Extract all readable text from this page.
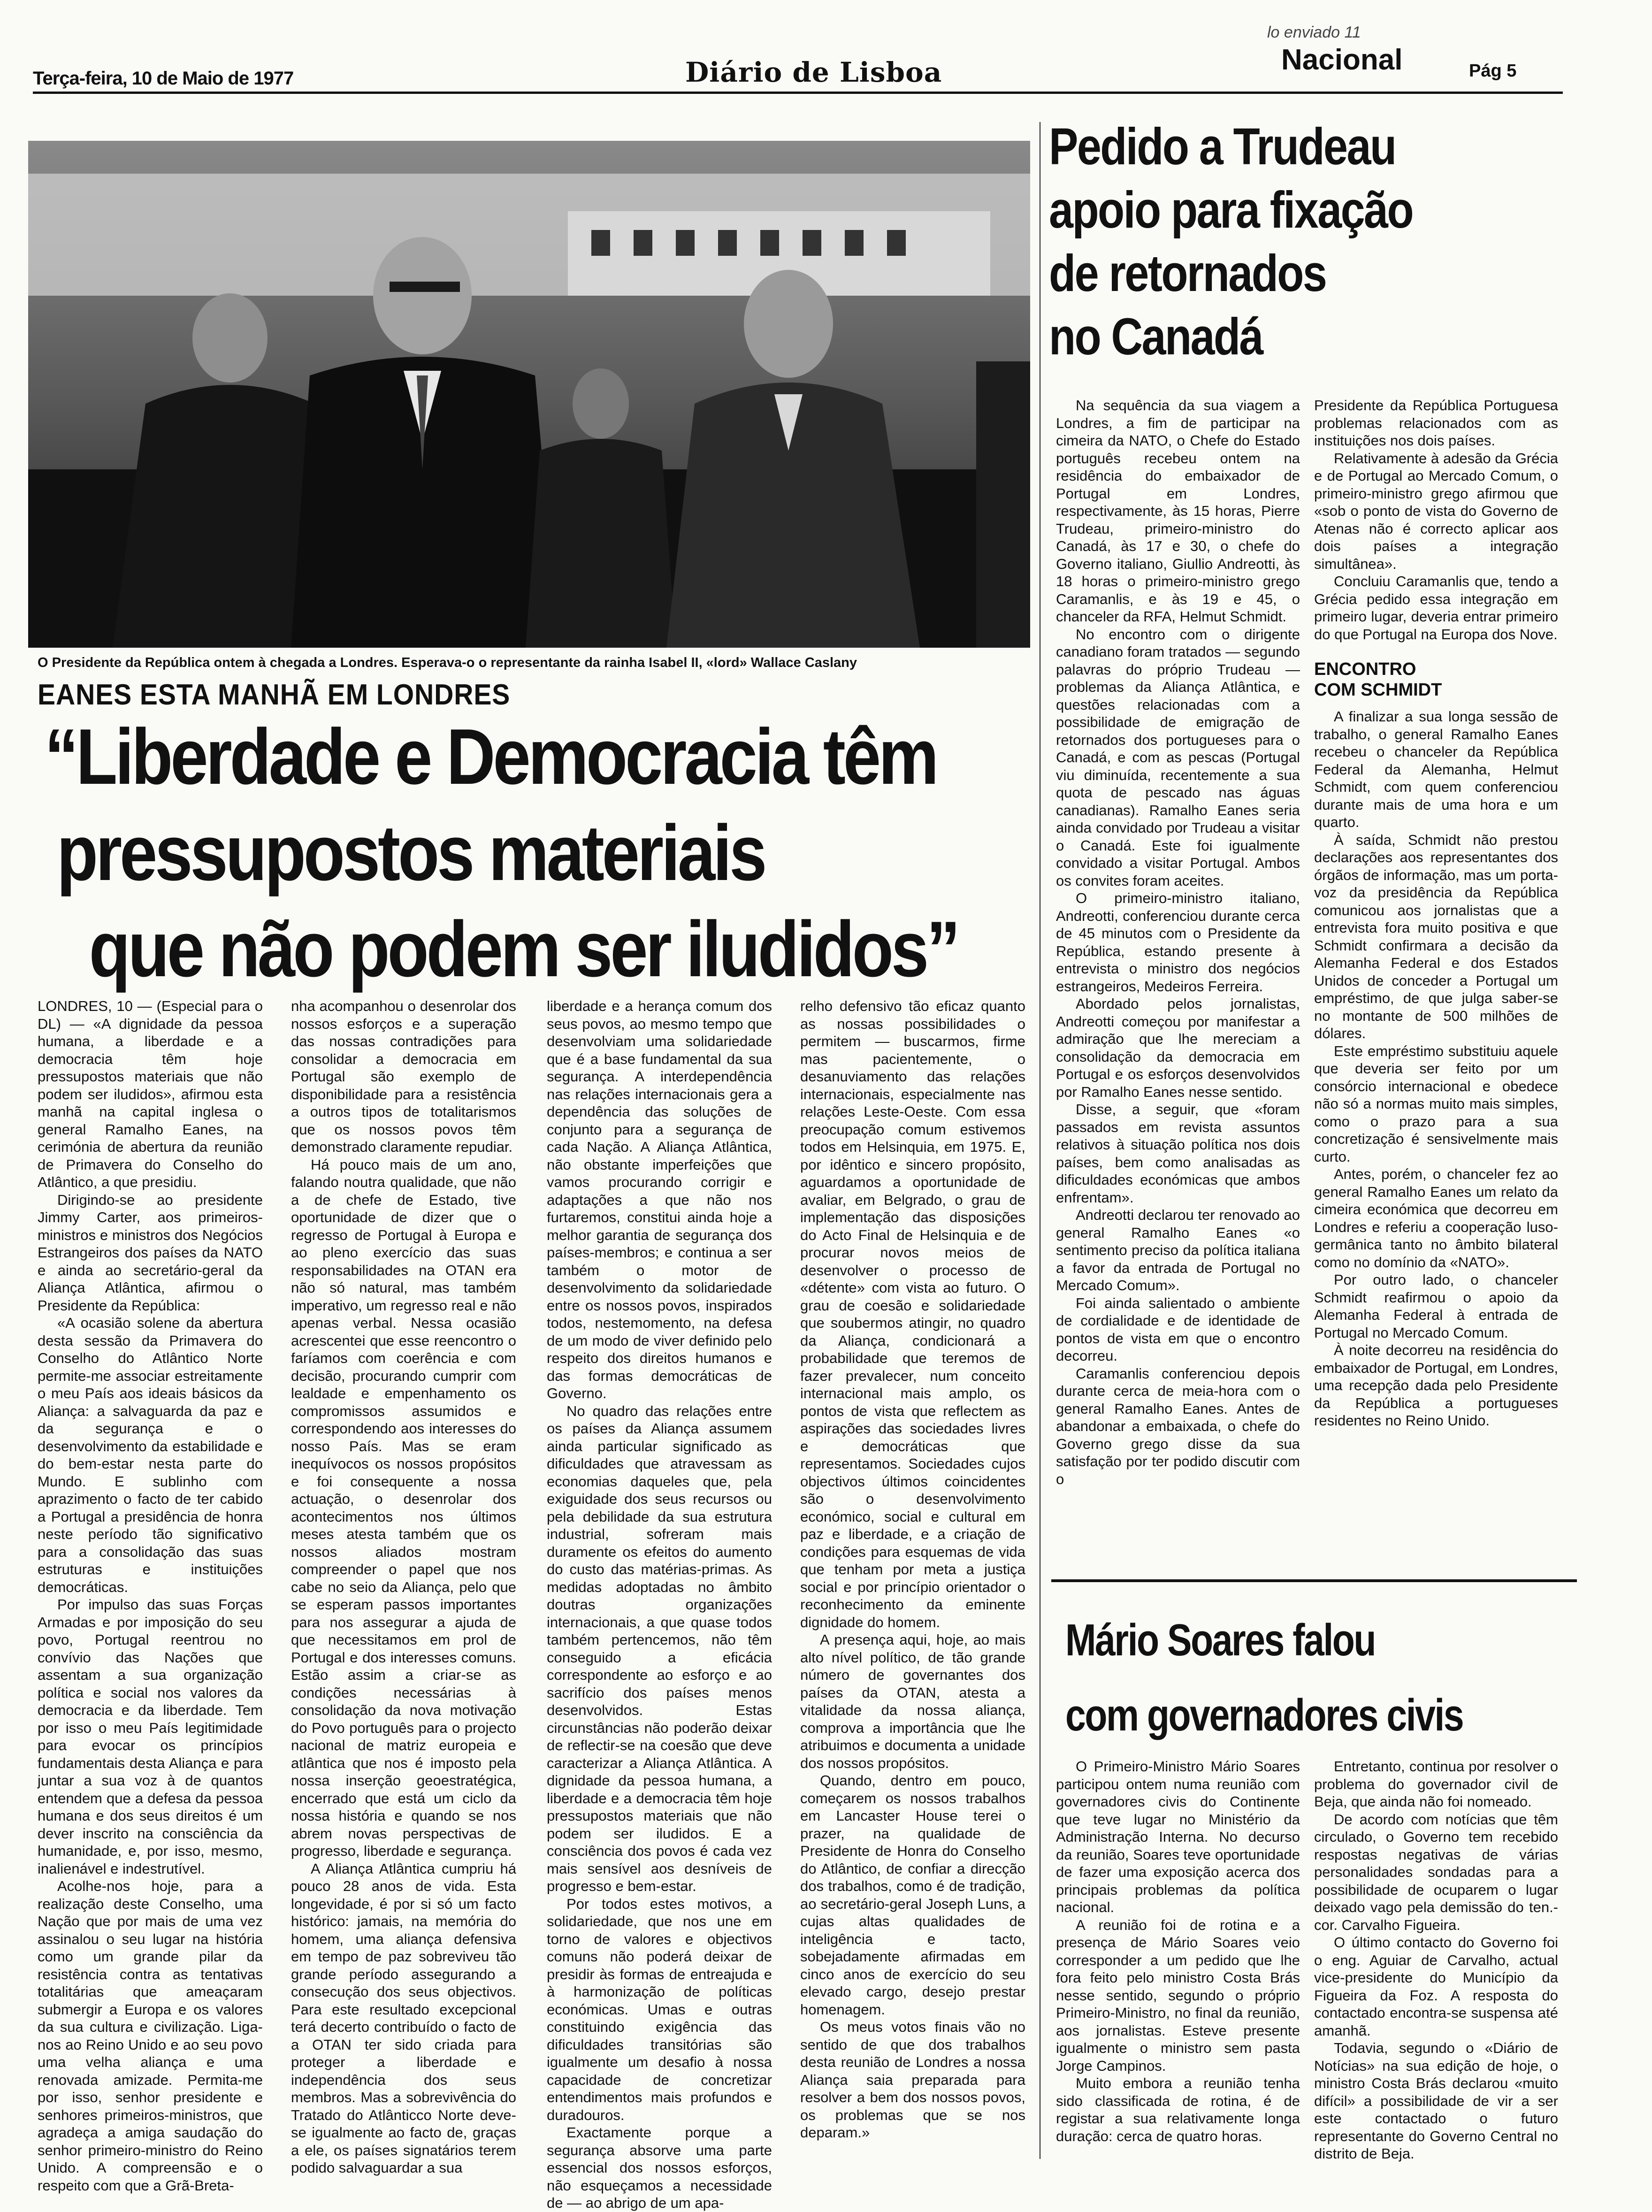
Terça-feira, 10 de Maio de 1977	Diário de Lisboa
lo enviado 11
Nacional	Pág 5
O Presidente da República ontem à chegada a Londres. Esperava-o o representante da rainha Isabel II, «lord» Wallace Caslany
EANES ESTA MANHÃ EM LONDRES
“Liberdade e Democracia têm
pressupostos materiais
que não podem ser iludidos”

LONDRES, 10 — (Especial para o DL) — «A dignidade da pessoa humana, a liberdade e a democracia têm hoje pressupostos materiais que não podem ser iludidos», afirmou esta manhã na capital inglesa o general Ramalho Eanes, na cerimónia de abertura da reunião de Primavera do Conselho do Atlântico, a que presidiu.

Dirigindo-se ao presidente Jimmy Carter, aos primeiros-ministros e ministros dos Negócios Estrangeiros dos países da NATO e ainda ao secretário-geral da Aliança Atlântica, afirmou o Presidente da República:

«A ocasião solene da abertura desta sessão da Primavera do Conselho do Atlântico Norte permite-me associar estreitamente o meu País aos ideais básicos da Aliança: a salvaguarda da paz e da segurança e o desenvolvimento da estabilidade e do bem-estar nesta parte do Mundo. E sublinho com aprazimento o facto de ter cabido a Portugal a presidência de honra neste período tão significativo para a consolidação das suas estruturas e instituições democráticas.

Por impulso das suas Forças Armadas e por imposição do seu povo, Portugal reentrou no convívio das Nações que assentam a sua organização política e social nos valores da democracia e da liberdade. Tem por isso o meu País legitimidade para evocar os princípios fundamentais desta Aliança e para juntar a sua voz à de quantos entendem que a defesa da pessoa humana e dos seus direitos é um dever inscrito na consciência da humanidade, e, por isso, mesmo, inalienável e indestrutível.

Acolhe-nos hoje, para a realização deste Conselho, uma Nação que por mais de uma vez assinalou o seu lugar na história como um grande pilar da resistência contra as tentativas totalitárias que ameaçaram submergir a Europa e os valores da sua cultura e civilização. Liga-nos ao Reino Unido e ao seu povo uma velha aliança e uma renovada amizade. Permita-me por isso, senhor presidente e senhores primeiros-ministros, que agradeça a amiga saudação do senhor primeiro-ministro do Reino Unido. A compreensão e o respeito com que a Grã-Breta-

nha acompanhou o desenrolar dos nossos esforços e a superação das nossas contradições para consolidar a democracia em Portugal são exemplo de disponibilidade para a resistência a outros tipos de totalitarismos que os nossos povos têm demonstrado claramente repudiar.

Há pouco mais de um ano, falando noutra qualidade, que não a de chefe de Estado, tive oportunidade de dizer que o regresso de Portugal à Europa e ao pleno exercício das suas responsabilidades na OTAN era não só natural, mas também imperativo, um regresso real e não apenas verbal. Nessa ocasião acrescentei que esse reencontro o faríamos com coerência e com decisão, procurando cumprir com lealdade e empenhamento os compromissos assumidos e correspondendo aos interesses do nosso País. Mas se eram inequívocos os nossos propósitos e foi consequente a nossa actuação, o desenrolar dos acontecimentos nos últimos meses atesta também que os nossos aliados mostram compreender o papel que nos cabe no seio da Aliança, pelo que se esperam passos importantes para nos assegurar a ajuda de que necessitamos em prol de Portugal e dos interesses comuns. Estão assim a criar-se as condições necessárias à consolidação da nova motivação do Povo português para o projecto nacional de matriz europeia e atlântica que nos é imposto pela nossa inserção geoestratégica, encerrado que está um ciclo da nossa história e quando se nos abrem novas perspectivas de progresso, liberdade e segurança.

A Aliança Atlântica cumpriu há pouco 28 anos de vida. Esta longevidade, é por si só um facto histórico: jamais, na memória do homem, uma aliança defensiva em tempo de paz sobreviveu tão grande período assegurando a consecução dos seus objectivos. Para este resultado excepcional terá decerto contribuído o facto de a OTAN ter sido criada para proteger a liberdade e independência dos seus membros. Mas a sobrevivência do Tratado do Atlânticco Norte deve-se igualmente ao facto de, graças a ele, os países signatários terem podido salvaguardar a sua

liberdade e a herança comum dos seus povos, ao mesmo tempo que desenvolviam uma solidariedade que é a base fundamental da sua segurança. A interdependência nas relações internacionais gera a dependência das soluções de conjunto para a segurança de cada Nação. A Aliança Atlântica, não obstante imperfeições que vamos procurando corrigir e adaptações a que não nos furtaremos, constitui ainda hoje a melhor garantia de segurança dos países-membros; e continua a ser também o motor de desenvolvimento da solidariedade entre os nossos povos, inspirados todos, nestemomento, na defesa de um modo de viver definido pelo respeito dos direitos humanos e das formas democráticas de Governo.

No quadro das relações entre os países da Aliança assumem ainda particular significado as dificuldades que atravessam as economias daqueles que, pela exiguidade dos seus recursos ou pela debilidade da sua estrutura industrial, sofreram mais duramente os efeitos do aumento do custo das matérias-primas. As medidas adoptadas no âmbito doutras organizações internacionais, a que quase todos também pertencemos, não têm conseguido a eficácia correspondente ao esforço e ao sacrifício dos países menos desenvolvidos. Estas circunstâncias não poderão deixar de reflectir-se na coesão que deve caracterizar a Aliança Atlântica. A dignidade da pessoa humana, a liberdade e a democracia têm hoje pressupostos materiais que não podem ser iludidos. E a consciência dos povos é cada vez mais sensível aos desníveis de progresso e bem-estar.

Por todos estes motivos, a solidariedade, que nos une em torno de valores e objectivos comuns não poderá deixar de presidir às formas de entreajuda e à harmonização de políticas económicas. Umas e outras constituindo exigência das dificuldades transitórias são igualmente um desafio à nossa capacidade de concretizar entendimentos mais profundos e duradouros.

Exactamente porque a segurança absorve uma parte essencial dos nossos esforços, não esqueçamos a necessidade de — ao abrigo de um apa-

relho defensivo tão eficaz quanto as nossas possibilidades o permitem — buscarmos, firme mas pacientemente, o desanuviamento das relações internacionais, especialmente nas relações Leste-Oeste. Com essa preocupação comum estivemos todos em Helsinquia, em 1975. E, por idêntico e sincero propósito, aguardamos a oportunidade de avaliar, em Belgrado, o grau de implementação das disposições do Acto Final de Helsinquia e de procurar novos meios de desenvolver o processo de «détente» com vista ao futuro. O grau de coesão e solidariedade que soubermos atingir, no quadro da Aliança, condicionará a probabilidade que teremos de fazer prevalecer, num conceito internacional mais amplo, os pontos de vista que reflectem as aspirações das sociedades livres e democráticas que representamos. Sociedades cujos objectivos últimos coincidentes são o desenvolvimento económico, social e cultural em paz e liberdade, e a criação de condições para esquemas de vida que tenham por meta a justiça social e por princípio orientador o reconhecimento da eminente dignidade do homem.

A presença aqui, hoje, ao mais alto nível político, de tão grande número de governantes dos países da OTAN, atesta a vitalidade da nossa aliança, comprova a importância que lhe atribuimos e documenta a unidade dos nossos propósitos.

Quando, dentro em pouco, começarem os nossos trabalhos em Lancaster House terei o prazer, na qualidade de Presidente de Honra do Conselho do Atlântico, de confiar a direcção dos trabalhos, como é de tradição, ao secretário-geral Joseph Luns, a cujas altas qualidades de inteligência e tacto, sobejadamente afirmadas em cinco anos de exercício do seu elevado cargo, desejo prestar homenagem.

Os meus votos finais vão no sentido de que dos trabalhos desta reunião de Londres a nossa Aliança saia preparada para resolver a bem dos nossos povos, os problemas que se nos deparam.»

Pedido a Trudeau
apoio para fixação
de retornados
no Canadá

Na sequência da sua viagem a Londres, a fim de participar na cimeira da NATO, o Chefe do Estado português recebeu ontem na residência do embaixador de Portugal em Londres, respectivamente, às 15 horas, Pierre Trudeau, primeiro-ministro do Canadá, às 17 e 30, o chefe do Governo italiano, Giullio Andreotti, às 18 horas o primeiro-ministro grego Caramanlis, e às 19 e 45, o chanceler da RFA, Helmut Schmidt.

No encontro com o dirigente canadiano foram tratados — segundo palavras do próprio Trudeau — problemas da Aliança Atlântica, e questões relacionadas com a possibilidade de emigração de retornados dos portugueses para o Canadá, e com as pescas (Portugal viu diminuída, recentemente a sua quota de pescado nas águas canadianas). Ramalho Eanes seria ainda convidado por Trudeau a visitar o Canadá. Este foi igualmente convidado a visitar Portugal. Ambos os convites foram aceites.

O primeiro-ministro italiano, Andreotti, conferenciou durante cerca de 45 minutos com o Presidente da República, estando presente à entrevista o ministro dos negócios estrangeiros, Medeiros Ferreira.

Abordado pelos jornalistas, Andreotti começou por manifestar a admiração que lhe mereciam a consolidação da democracia em Portugal e os esforços desenvolvidos por Ramalho Eanes nesse sentido.

Disse, a seguir, que «foram passados em revista assuntos relativos à situação política nos dois países, bem como analisadas as dificuldades económicas que ambos enfrentam».

Andreotti declarou ter renovado ao general Ramalho Eanes «o sentimento preciso da política italiana a favor da entrada de Portugal no Mercado Comum».

Foi ainda salientado o ambiente de cordialidade e de identidade de pontos de vista em que o encontro decorreu.

Caramanlis conferenciou depois durante cerca de meia-hora com o general Ramalho Eanes. Antes de abandonar a embaixada, o chefe do Governo grego disse da sua satisfação por ter podido discutir com o

Presidente da República Portuguesa problemas relacionados com as instituições nos dois países.

Relativamente à adesão da Grécia e de Portugal ao Mercado Comum, o primeiro-ministro grego afirmou que «sob o ponto de vista do Governo de Atenas não é correcto aplicar aos dois países a integração simultânea».

Concluiu Caramanlis que, tendo a Grécia pedido essa integração em primeiro lugar, deveria entrar primeiro do que Portugal na Europa dos Nove.

ENCONTRO
COM SCHMIDT

A finalizar a sua longa sessão de trabalho, o general Ramalho Eanes recebeu o chanceler da República Federal da Alemanha, Helmut Schmidt, com quem conferenciou durante mais de uma hora e um quarto.

À saída, Schmidt não prestou declarações aos representantes dos órgãos de informação, mas um porta-voz da presidência da República comunicou aos jornalistas que a entrevista fora muito positiva e que Schmidt confirmara a decisão da Alemanha Federal e dos Estados Unidos de conceder a Portugal um empréstimo, de que julga saber-se no montante de 500 milhões de dólares.

Este empréstimo substituiu aquele que deveria ser feito por um consórcio internacional e obedece não só a normas muito mais simples, como o prazo para a sua concretização é sensivelmente mais curto.

Antes, porém, o chanceler fez ao general Ramalho Eanes um relato da cimeira económica que decorreu em Londres e referiu a cooperação luso-germânica tanto no âmbito bilateral como no domínio da «NATO».

Por outro lado, o chanceler Schmidt reafirmou o apoio da Alemanha Federal à entrada de Portugal no Mercado Comum.

À noite decorreu na residência do embaixador de Portugal, em Londres, uma recepção dada pelo Presidente da República a portugueses residentes no Reino Unido.

Mário Soares falou
com governadores civis

O Primeiro-Ministro Mário Soares participou ontem numa reunião com governadores civis do Continente que teve lugar no Ministério da Administração Interna. No decurso da reunião, Soares teve oportunidade de fazer uma exposição acerca dos principais problemas da política nacional.

A reunião foi de rotina e a presença de Mário Soares veio corresponder a um pedido que lhe fora feito pelo ministro Costa Brás nesse sentido, segundo o próprio Primeiro-Ministro, no final da reunião, aos jornalistas. Esteve presente igualmente o ministro sem pasta Jorge Campinos.

Muito embora a reunião tenha sido classificada de rotina, é de registar a sua relativamente longa duração: cerca de quatro horas.

Entretanto, continua por resolver o problema do governador civil de Beja, que ainda não foi nomeado.

De acordo com notícias que têm circulado, o Governo tem recebido respostas negativas de várias personalidades sondadas para a possibilidade de ocuparem o lugar deixado vago pela demissão do ten.-cor. Carvalho Figueira.

O último contacto do Governo foi o eng. Aguiar de Carvalho, actual vice-presidente do Município da Figueira da Foz. A resposta do contactado encontra-se suspensa até amanhã.

Todavia, segundo o «Diário de Notícias» na sua edição de hoje, o ministro Costa Brás declarou «muito difícil» a possibilidade de vir a ser este contactado o futuro representante do Governo Central no distrito de Beja.
